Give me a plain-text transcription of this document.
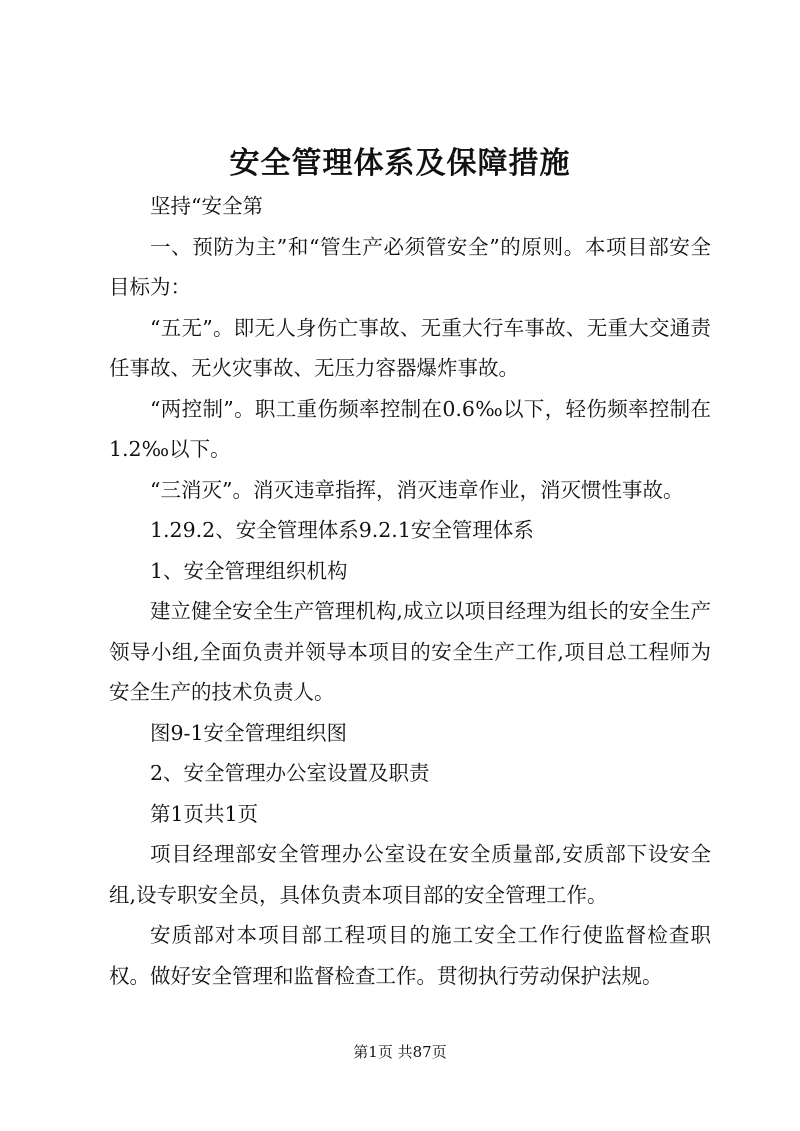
安全管理体系及保障措施

坚持“安全第

一、预防为主”和“管生产必须管安全”的原则。本项目部安全目标为：

“五无”。即无人身伤亡事故、无重大行车事故、无重大交通责任事故、无火灾事故、无压力容器爆炸事故。

“两控制”。职工重伤频率控制在0.6‰以下，轻伤频率控制在1.2‰以下。

“三消灭”。消灭违章指挥，消灭违章作业，消灭惯性事故。

1.29.2、安全管理体系9.2.1安全管理体系

1、安全管理组织机构

建立健全安全生产管理机构,成立以项目经理为组长的安全生产领导小组,全面负责并领导本项目的安全生产工作,项目总工程师为安全生产的技术负责人。

图9-1安全管理组织图

2、安全管理办公室设置及职责

第1页共1页

项目经理部安全管理办公室设在安全质量部,安质部下设安全组,设专职安全员，具体负责本项目部的安全管理工作。

安质部对本项目部工程项目的施工安全工作行使监督检查职权。做好安全管理和监督检查工作。贯彻执行劳动保护法规。

第1页 共87页
